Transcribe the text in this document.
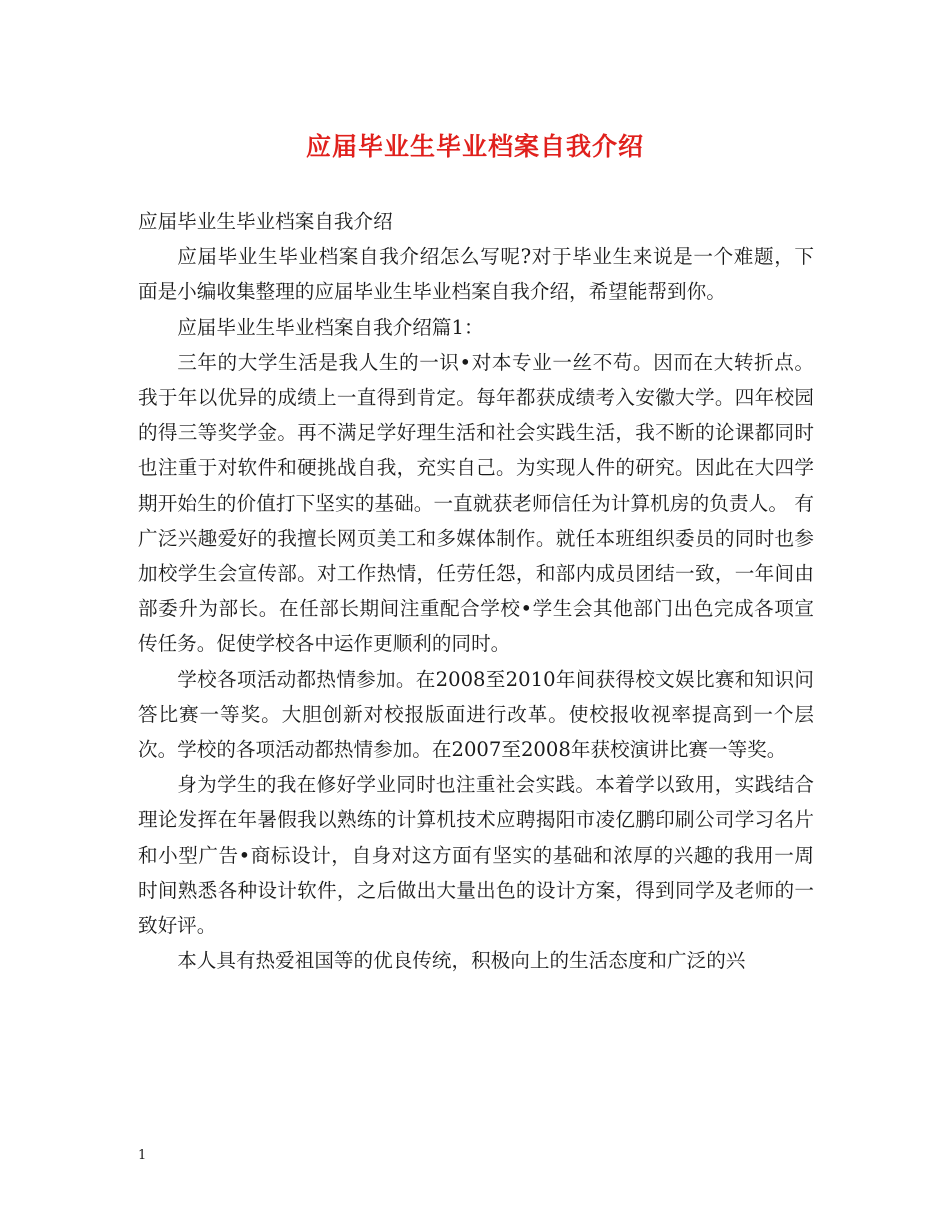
应届毕业生毕业档案自我介绍

应届毕业生毕业档案自我介绍

应届毕业生毕业档案自我介绍怎么写呢?对于毕业生来说是一个难题，下面是小编收集整理的应届毕业生毕业档案自我介绍，希望能帮到你。

应届毕业生毕业档案自我介绍篇1：

三年的大学生活是我人生的一识•对本专业一丝不苟。因而在大转折点。我于年以优异的成绩上一直得到肯定。每年都获成绩考入安徽大学。四年校园的得三等奖学金。再不满足学好理生活和社会实践生活，我不断的论课都同时也注重于对软件和硬挑战自我，充实自己。为实现人件的研究。因此在大四学期开始生的价值打下坚实的基础。一直就获老师信任为计算机房的负责人。 有广泛兴趣爱好的我擅长网页美工和多媒体制作。就任本班组织委员的同时也参加校学生会宣传部。对工作热情，任劳任怨，和部内成员团结一致，一年间由部委升为部长。在任部长期间注重配合学校•学生会其他部门出色完成各项宣传任务。促使学校各中运作更顺利的同时。

学校各项活动都热情参加。在2008至2010年间获得校文娱比赛和知识问答比赛一等奖。大胆创新对校报版面进行改革。使校报收视率提高到一个层次。学校的各项活动都热情参加。在2007至2008年获校演讲比赛一等奖。

身为学生的我在修好学业同时也注重社会实践。本着学以致用，实践结合理论发挥在年暑假我以熟练的计算机技术应聘揭阳市凌亿鹏印刷公司学习名片和小型广告•商标设计，自身对这方面有坚实的基础和浓厚的兴趣的我用一周时间熟悉各种设计软件，之后做出大量出色的设计方案，得到同学及老师的一致好评。

本人具有热爱祖国等的优良传统，积极向上的生活态度和广泛的兴

1
